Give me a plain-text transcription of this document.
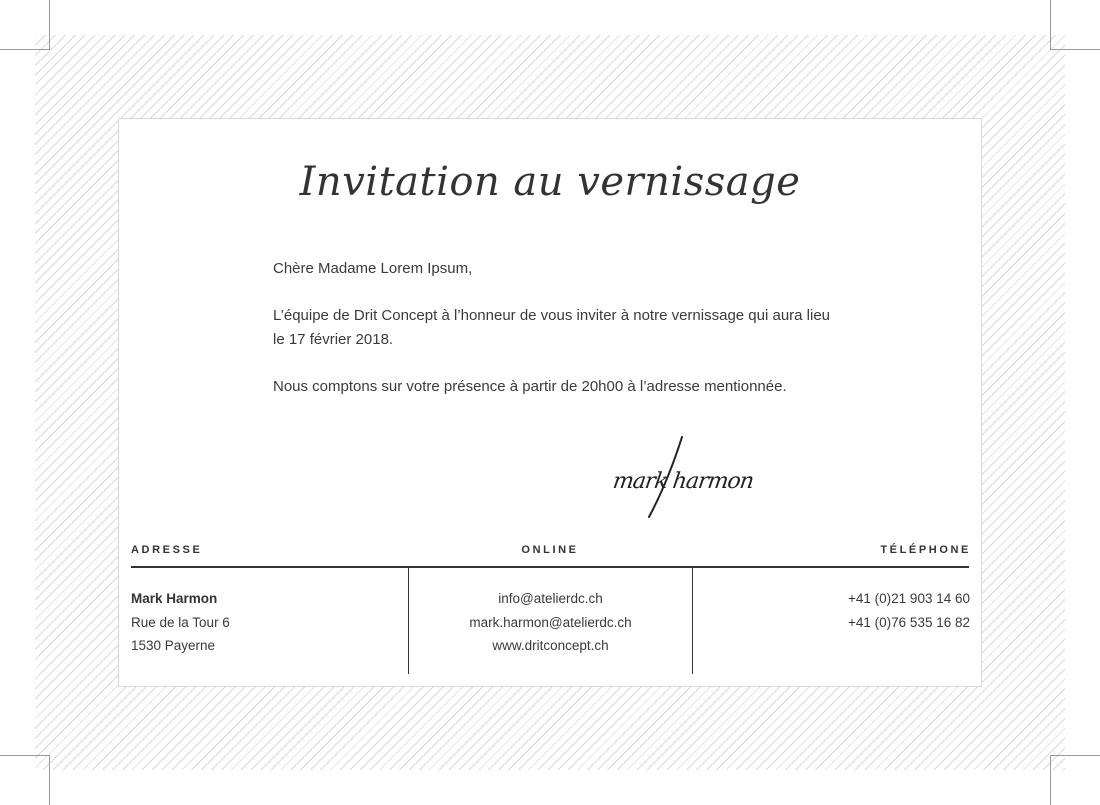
Invitation au vernissage

Chère Madame Lorem Ipsum,

L’équipe de Drit Concept à l’honneur de vous inviter à notre vernissage qui aura lieu le 17 février 2018.

Nous comptons sur votre présence à partir de 20h00 à l’adresse mentionnée.

mark harmon
ADRESSE	ONLINE	TÉLÉPHONE
Mark Harmon
Rue de la Tour 6
1530 Payerne
info@atelierdc.ch
mark.harmon@atelierdc.ch
www.dritconcept.ch
+41 (0)21 903 14 60
+41 (0)76 535 16 82
